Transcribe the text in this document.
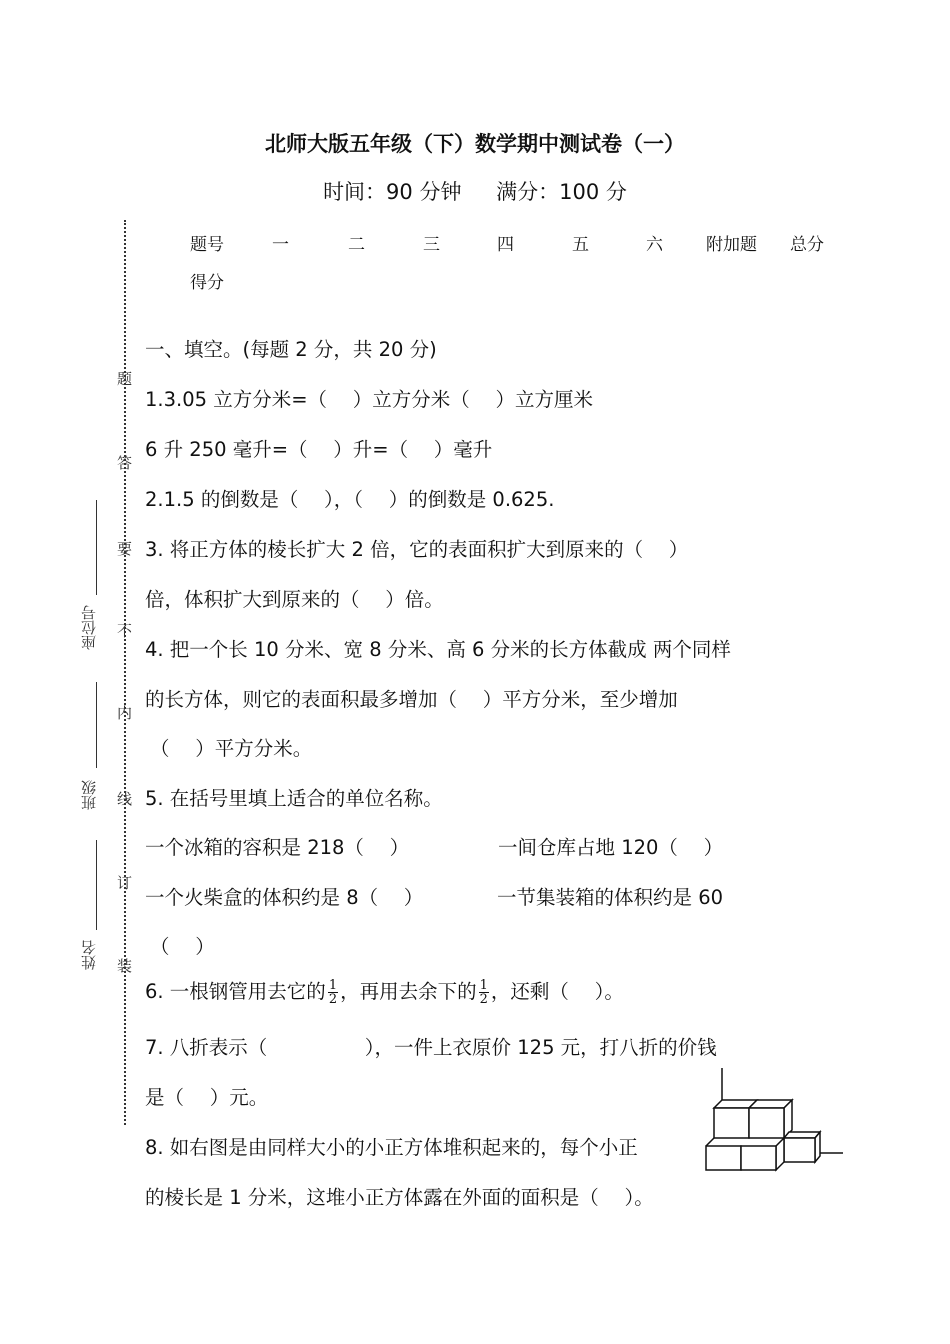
北师大版五年级（下）数学期中测试卷（一）
时间：90 分钟 满分：100 分
题号	一	二	三	四	五	六	附加题 总分
得分
题
答
要
不
内
线
订
装
座位号
班级
姓名
一、填空。(每题 2 分，共 20 分)
1.3.05 立方分米=（　 ）立方分米（　 ）立方厘米
6 升 250 毫升=（　 ）升=（　 ）毫升
2.1.5 的倒数是（　 ），（　 ）的倒数是 0.625.
3. 将正方体的棱长扩大 2 倍，它的表面积扩大到原来的（　 ）
倍，体积扩大到原来的（　 ）倍。
4. 把一个长 10 分米、宽 8 分米、高 6 分米的长方体截成 两个同样
的长方体，则它的表面积最多增加（　 ）平方分米，至少增加
（　 ）平方分米。
5. 在括号里填上适合的单位名称。
一个冰箱的容积是 218（　 ）	一间仓库占地 120（　 ）
一个火柴盒的体积约是 8（　 ）	一节集装箱的体积约是 60
（　 ）
6. 一根钢管用去它的 $\frac{1}{2}$ ，再用去余下的 $\frac{1}{2}$ ，还剩（　 ）。
7. 八折表示（　　　　　），一件上衣原价 125 元，打八折的价钱
是（　 ）元。
8. 如右图是由同样大小的小正方体堆积起来的，每个小正
的棱长是 1 分米，这堆小正方体露在外面的面积是（　 ）。
